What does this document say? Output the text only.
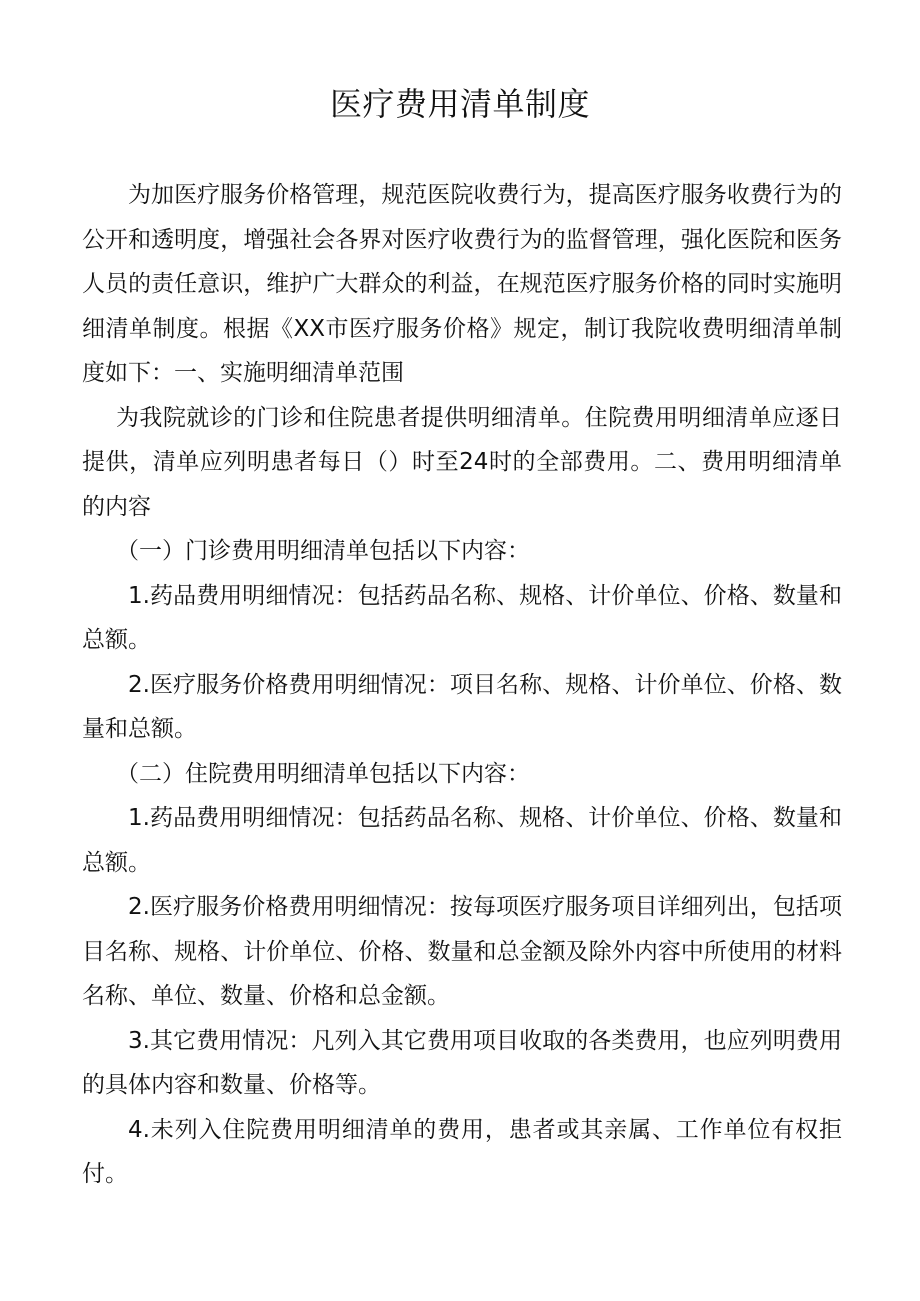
医疗费用清单制度

为加医疗服务价格管理，规范医院收费行为，提高医疗服务收费行为的公开和透明度，增强社会各界对医疗收费行为的监督管理，强化医院和医务人员的责任意识，维护广大群众的利益，在规范医疗服务价格的同时实施明细清单制度。根据《XX市医疗服务价格》规定，制订我院收费明细清单制度如下：一、实施明细清单范围

为我院就诊的门诊和住院患者提供明细清单。住院费用明细清单应逐日提供，清单应列明患者每日（）时至24时的全部费用。二、费用明细清单的内容

（一）门诊费用明细清单包括以下内容：

1.药品费用明细情况：包括药品名称、规格、计价单位、价格、数量和总额。

2.医疗服务价格费用明细情况：项目名称、规格、计价单位、价格、数量和总额。

（二）住院费用明细清单包括以下内容：

1.药品费用明细情况：包括药品名称、规格、计价单位、价格、数量和总额。

2.医疗服务价格费用明细情况：按每项医疗服务项目详细列出，包括项目名称、规格、计价单位、价格、数量和总金额及除外内容中所使用的材料名称、单位、数量、价格和总金额。

3.其它费用情况：凡列入其它费用项目收取的各类费用，也应列明费用的具体内容和数量、价格等。

4.未列入住院费用明细清单的费用，患者或其亲属、工作单位有权拒付。
